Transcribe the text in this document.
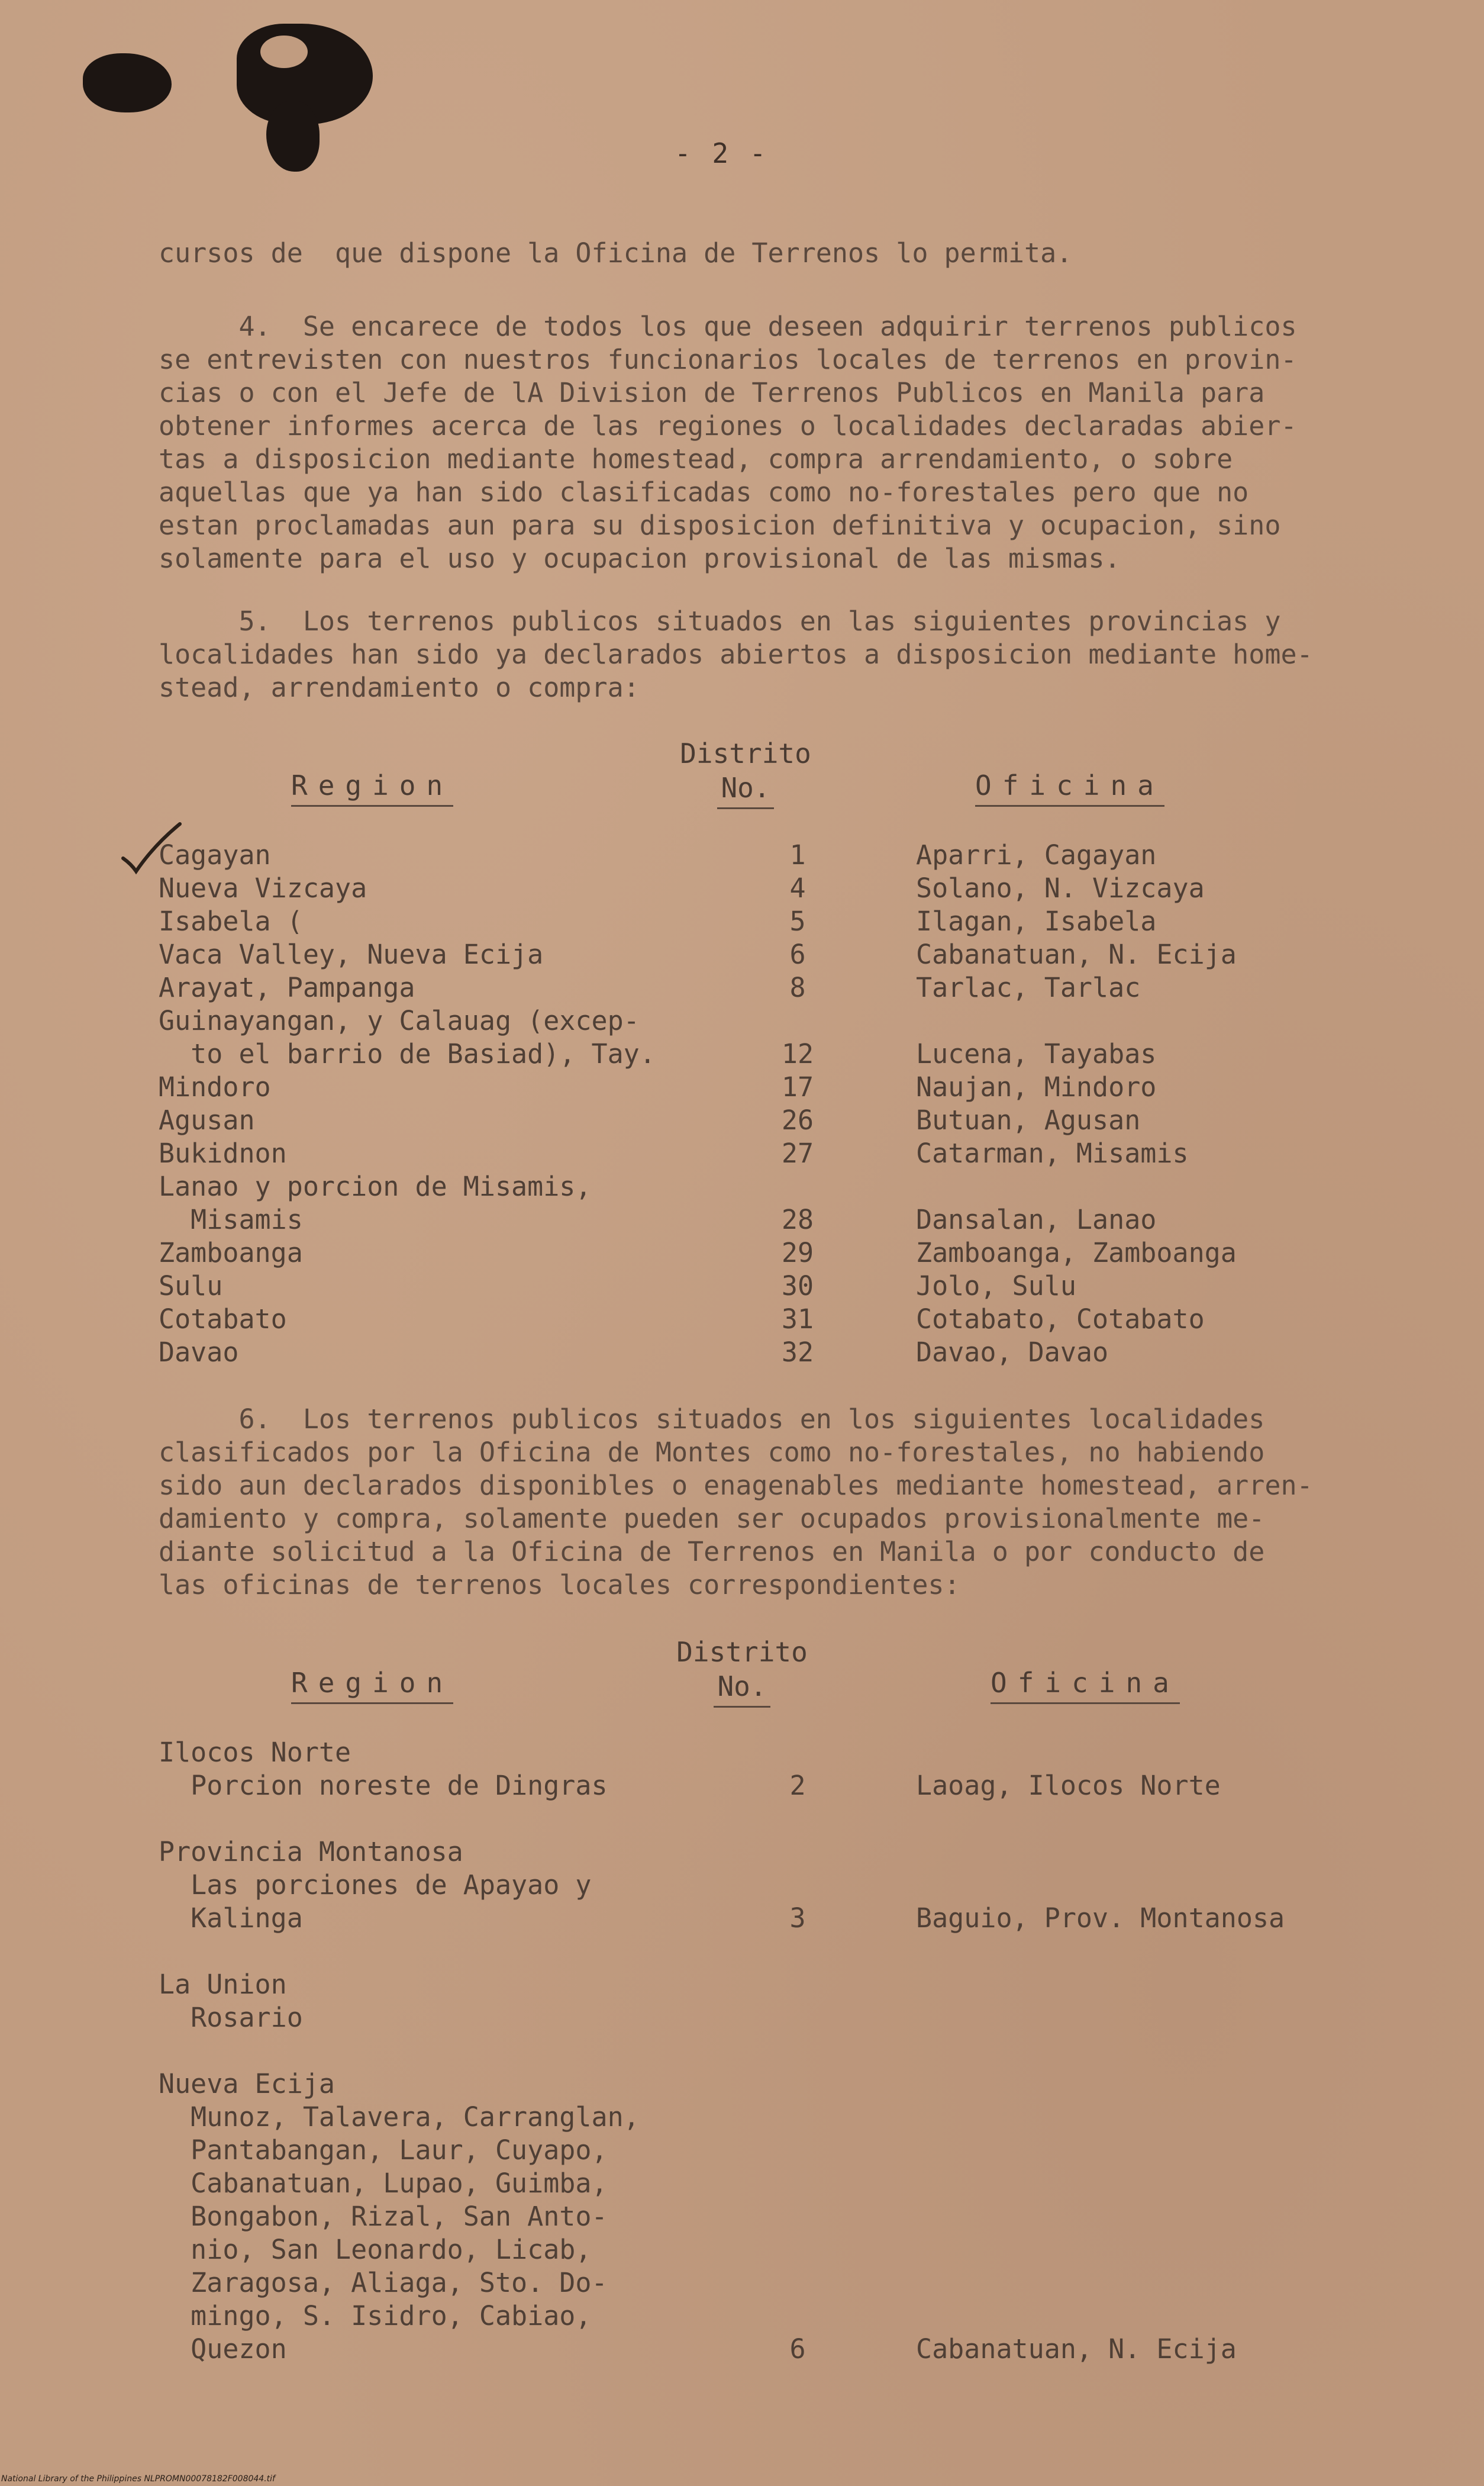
- 2 -

cursos de  que dispone la Oficina de Terrenos lo permita.

4.  Se encarece de todos los que deseen adquirir terrenos publicos
se entrevisten con nuestros funcionarios locales de terrenos en provin-
cias o con el Jefe de lA Division de Terrenos Publicos en Manila para
obtener informes acerca de las regiones o localidades declaradas abier-
tas a disposicion mediante homestead, compra arrendamiento, o sobre
aquellas que ya han sido clasificadas como no-forestales pero que no
estan proclamadas aun para su disposicion definitiva y ocupacion, sino
solamente para el uso y ocupacion provisional de las mismas.

5.  Los terrenos publicos situados en las siguientes provincias y
localidades han sido ya declarados abiertos a disposicion mediante home-
stead, arrendamiento o compra:

Distrito
No.
Region	Oficina
Cagayan	1	Aparri, Cagayan
Nueva Vizcaya	4	Solano, N. Vizcaya
Isabela (	5	Ilagan, Isabela
Vaca Valley, Nueva Ecija	6	Cabanatuan, N. Ecija
Arayat, Pampanga	8	Tarlac, Tarlac
Guinayangan, y Calauag (excep-
to el barrio de Basiad), Tay.	12	Lucena, Tayabas
Mindoro	17	Naujan, Mindoro
Agusan	26	Butuan, Agusan
Bukidnon	27	Catarman, Misamis
Lanao y porcion de Misamis,
Misamis	28	Dansalan, Lanao
Zamboanga	29	Zamboanga, Zamboanga
Sulu	30	Jolo, Sulu
Cotabato	31	Cotabato, Cotabato
Davao	32	Davao, Davao

6.  Los terrenos publicos situados en los siguientes localidades
clasificados por la Oficina de Montes como no-forestales, no habiendo
sido aun declarados disponibles o enagenables mediante homestead, arren-
damiento y compra, solamente pueden ser ocupados provisionalmente me-
diante solicitud a la Oficina de Terrenos en Manila o por conducto de
las oficinas de terrenos locales correspondientes:

Distrito
No.
Region	Oficina
Ilocos Norte
Porcion noreste de Dingras	2	Laoag, Ilocos Norte
Provincia Montanosa
Las porciones de Apayao y
Kalinga	3	Baguio, Prov. Montanosa
La Union
Rosario
Nueva Ecija
Munoz, Talavera, Carranglan,
Pantabangan, Laur, Cuyapo,
Cabanatuan, Lupao, Guimba,
Bongabon, Rizal, San Anto-
nio, San Leonardo, Licab,
Zaragosa, Aliaga, Sto. Do-
mingo, S. Isidro, Cabiao,
Quezon	6	Cabanatuan, N. Ecija
National Library of the Philippines NLPROMN00078182F008044.tif
